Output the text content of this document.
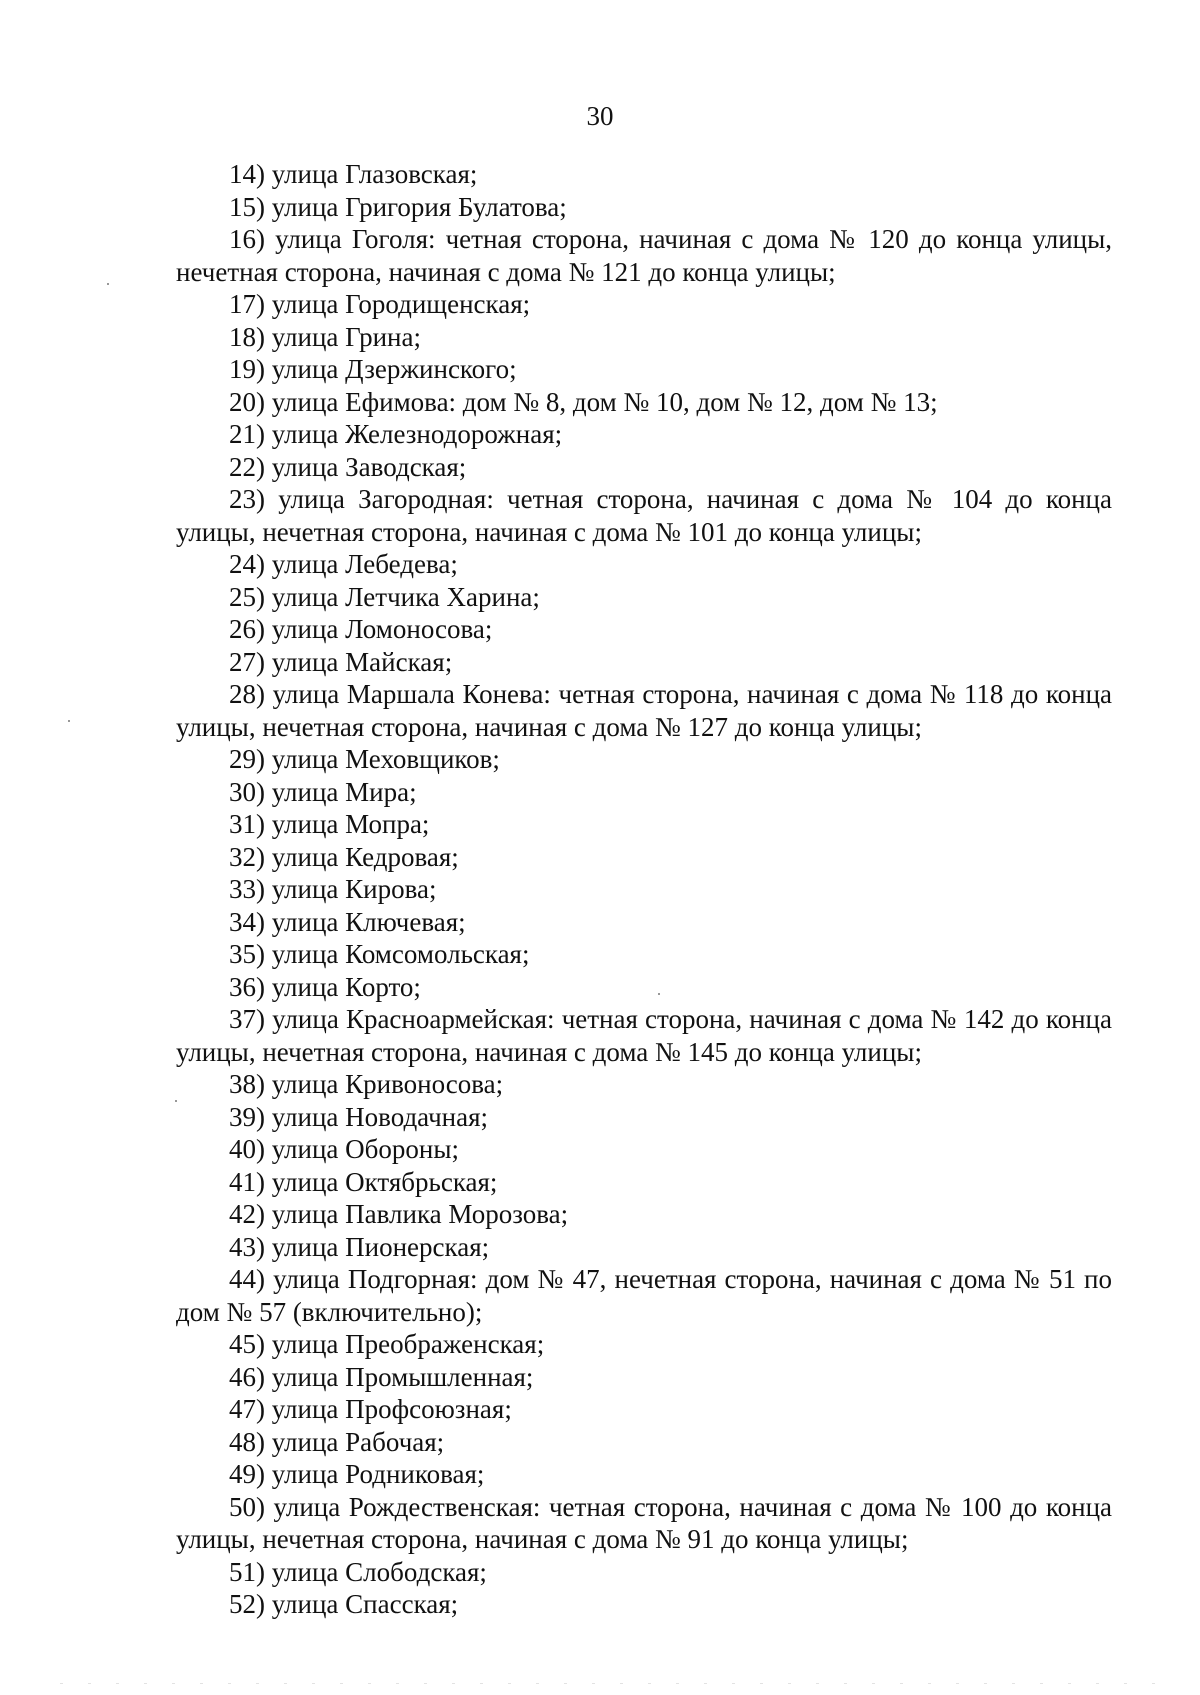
30

14) улица Глазовская;

15) улица Григория Булатова;

16) улица Гоголя: четная сторона, начиная с дома № 120 до конца улицы, нечетная сторона, начиная с дома № 121 до конца улицы;

17) улица Городищенская;

18) улица Грина;

19) улица Дзержинского;

20) улица Ефимова: дом № 8, дом № 10, дом № 12, дом № 13;

21) улица Железнодорожная;

22) улица Заводская;

23) улица Загородная: четная сторона, начиная с дома № 104 до конца улицы, нечетная сторона, начиная с дома № 101 до конца улицы;

24) улица Лебедева;

25) улица Летчика Харина;

26) улица Ломоносова;

27) улица Майская;

28) улица Маршала Конева: четная сторона, начиная с дома № 118 до конца улицы, нечетная сторона, начиная с дома № 127 до конца улицы;

29) улица Меховщиков;

30) улица Мира;

31) улица Мопра;

32) улица Кедровая;

33) улица Кирова;

34) улица Ключевая;

35) улица Комсомольская;

36) улица Корто;

37) улица Красноармейская: четная сторона, начиная с дома № 142 до конца улицы, нечетная сторона, начиная с дома № 145 до конца улицы;

38) улица Кривоносова;

39) улица Новодачная;

40) улица Обороны;

41) улица Октябрьская;

42) улица Павлика Морозова;

43) улица Пионерская;

44) улица Подгорная: дом № 47, нечетная сторона, начиная с дома № 51 по дом № 57 (включительно);

45) улица Преображенская;

46) улица Промышленная;

47) улица Профсоюзная;

48) улица Рабочая;

49) улица Родниковая;

50) улица Рождественская: четная сторона, начиная с дома № 100 до конца улицы, нечетная сторона, начиная с дома № 91 до конца улицы;

51) улица Слободская;

52) улица Спасская;
